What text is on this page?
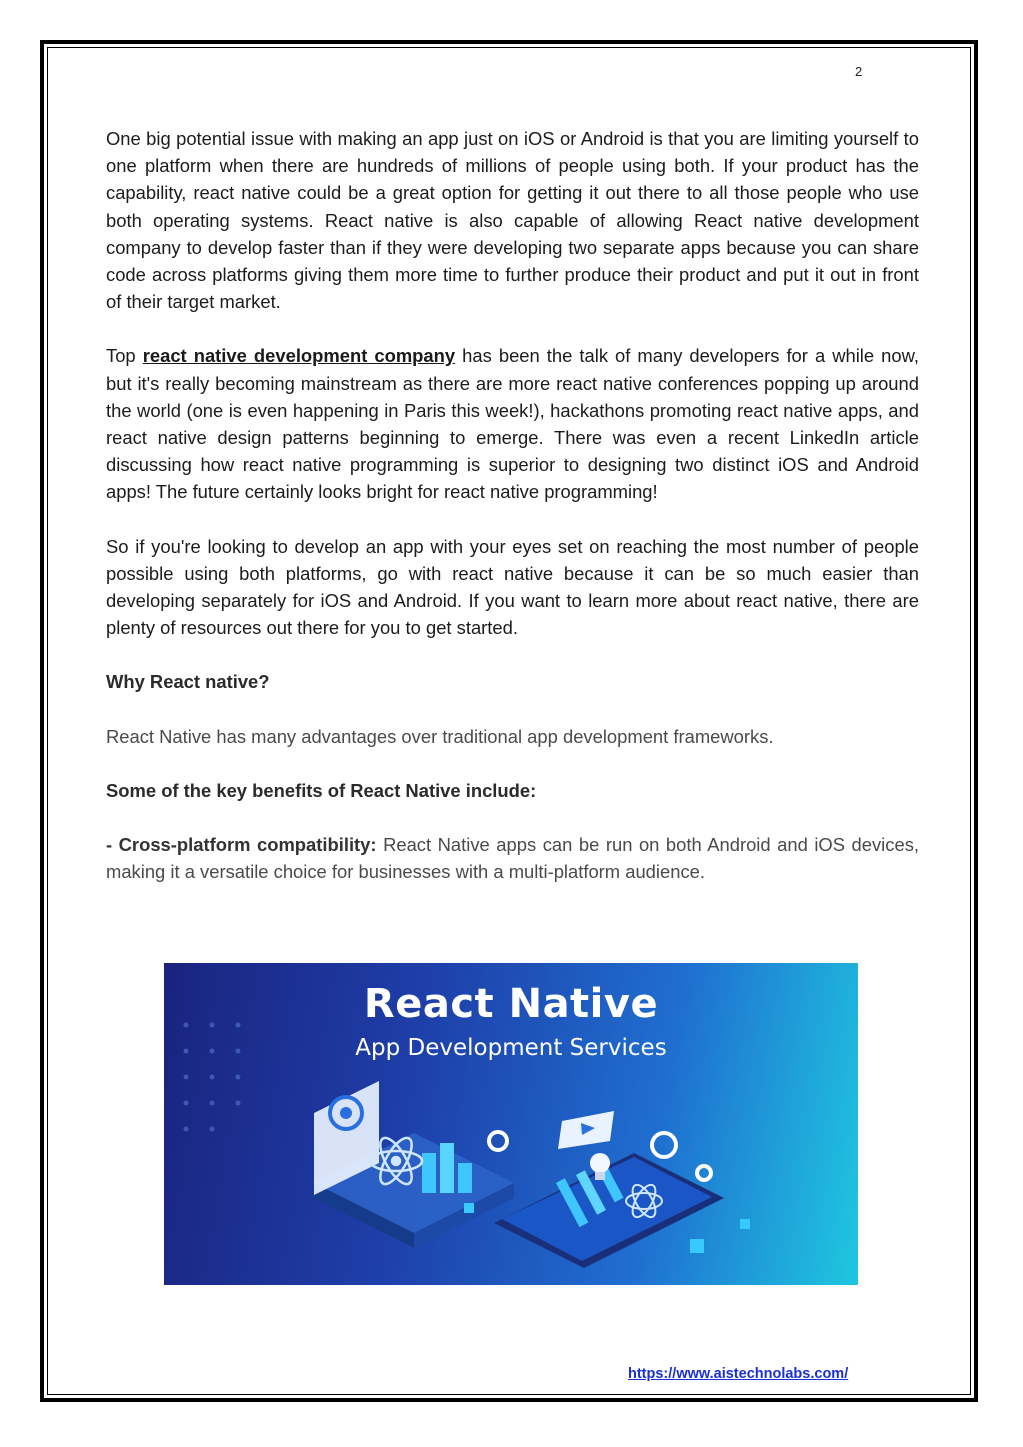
2

One big potential issue with making an app just on iOS or Android is that you are limiting yourself to one platform when there are hundreds of millions of people using both. If your product has the capability, react native could be a great option for getting it out there to all those people who use both operating systems. React native is also capable of allowing React native development company to develop faster than if they were developing two separate apps because you can share code across platforms giving them more time to further produce their product and put it out in front of their target market.

Top react native development company has been the talk of many developers for a while now, but it's really becoming mainstream as there are more react native conferences popping up around the world (one is even happening in Paris this week!), hackathons promoting react native apps, and react native design patterns beginning to emerge. There was even a recent LinkedIn article discussing how react native programming is superior to designing two distinct iOS and Android apps! The future certainly looks bright for react native programming!

So if you're looking to develop an app with your eyes set on reaching the most number of people possible using both platforms, go with react native because it can be so much easier than developing separately for iOS and Android. If you want to learn more about react native, there are plenty of resources out there for you to get started.

Why React native?

React Native has many advantages over traditional app development frameworks.

Some of the key benefits of React Native include:

- Cross-platform compatibility: React Native apps can be run on both Android and iOS devices, making it a versatile choice for businesses with a multi-platform audience.

React Native
App Development Services
https://www.aistechnolabs.com/
